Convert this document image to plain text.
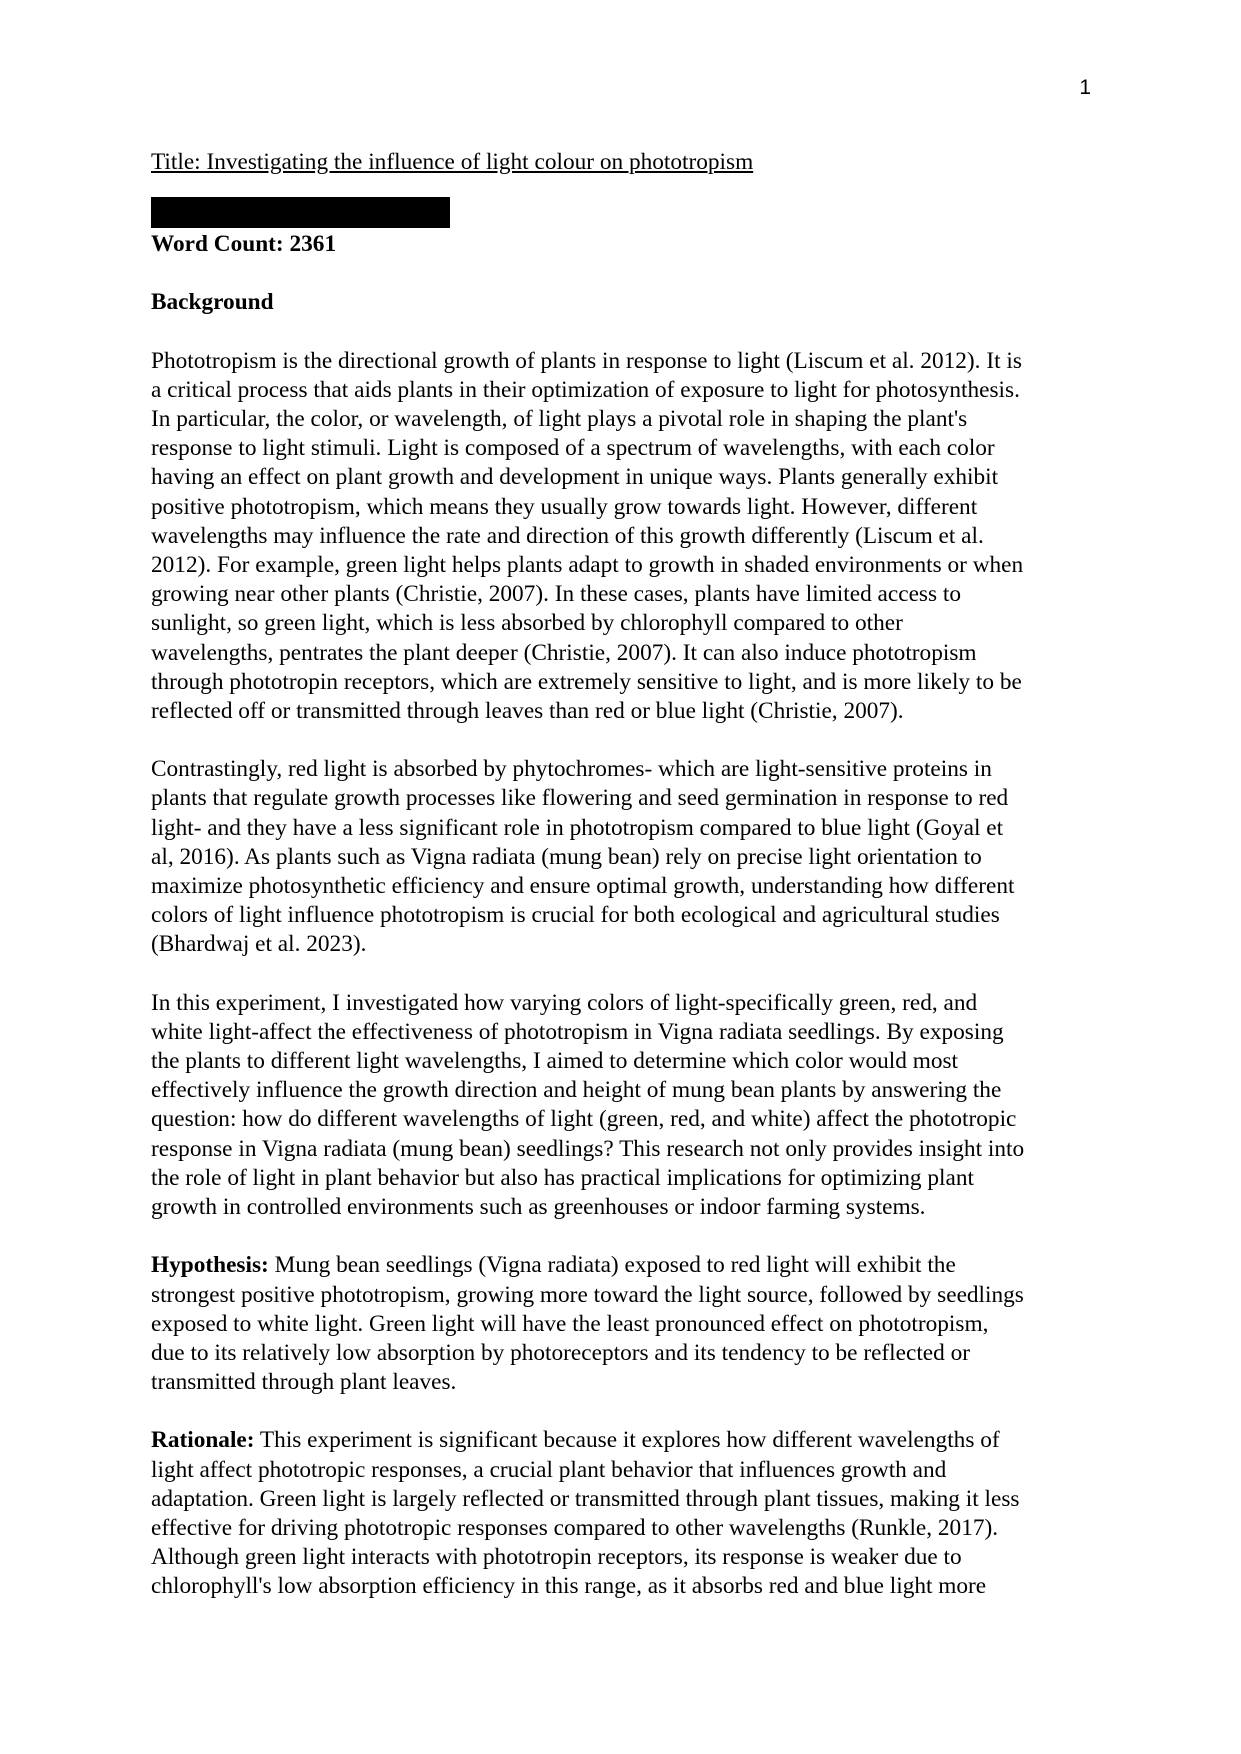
1
Title: Investigating the influence of light colour on phototropism

Word Count: 2361

Background

Phototropism is the directional growth of plants in response to light (Liscum et al. 2012). It is
a critical process that aids plants in their optimization of exposure to light for photosynthesis.
In particular, the color, or wavelength, of light plays a pivotal role in shaping the plant's
response to light stimuli. Light is composed of a spectrum of wavelengths, with each color
having an effect on plant growth and development in unique ways. Plants generally exhibit
positive phototropism, which means they usually grow towards light. However, different
wavelengths may influence the rate and direction of this growth differently (Liscum et al.
2012). For example, green light helps plants adapt to growth in shaded environments or when
growing near other plants (Christie, 2007). In these cases, plants have limited access to
sunlight, so green light, which is less absorbed by chlorophyll compared to other
wavelengths, pentrates the plant deeper (Christie, 2007). It can also induce phototropism
through phototropin receptors, which are extremely sensitive to light, and is more likely to be
reflected off or transmitted through leaves than red or blue light (Christie, 2007).

Contrastingly, red light is absorbed by phytochromes- which are light-sensitive proteins in
plants that regulate growth processes like flowering and seed germination in response to red
light- and they have a less significant role in phototropism compared to blue light (Goyal et
al, 2016). As plants such as Vigna radiata (mung bean) rely on precise light orientation to
maximize photosynthetic efficiency and ensure optimal growth, understanding how different
colors of light influence phototropism is crucial for both ecological and agricultural studies
(Bhardwaj et al. 2023).

In this experiment, I investigated how varying colors of light-specifically green, red, and
white light-affect the effectiveness of phototropism in Vigna radiata seedlings. By exposing
the plants to different light wavelengths, I aimed to determine which color would most
effectively influence the growth direction and height of mung bean plants by answering the
question: how do different wavelengths of light (green, red, and white) affect the phototropic
response in Vigna radiata (mung bean) seedlings? This research not only provides insight into
the role of light in plant behavior but also has practical implications for optimizing plant
growth in controlled environments such as greenhouses or indoor farming systems.

Hypothesis: Mung bean seedlings (Vigna radiata) exposed to red light will exhibit the
strongest positive phototropism, growing more toward the light source, followed by seedlings
exposed to white light. Green light will have the least pronounced effect on phototropism,
due to its relatively low absorption by photoreceptors and its tendency to be reflected or
transmitted through plant leaves.

Rationale: This experiment is significant because it explores how different wavelengths of
light affect phototropic responses, a crucial plant behavior that influences growth and
adaptation. Green light is largely reflected or transmitted through plant tissues, making it less
effective for driving phototropic responses compared to other wavelengths (Runkle, 2017).
Although green light interacts with phototropin receptors, its response is weaker due to
chlorophyll's low absorption efficiency in this range, as it absorbs red and blue light more
